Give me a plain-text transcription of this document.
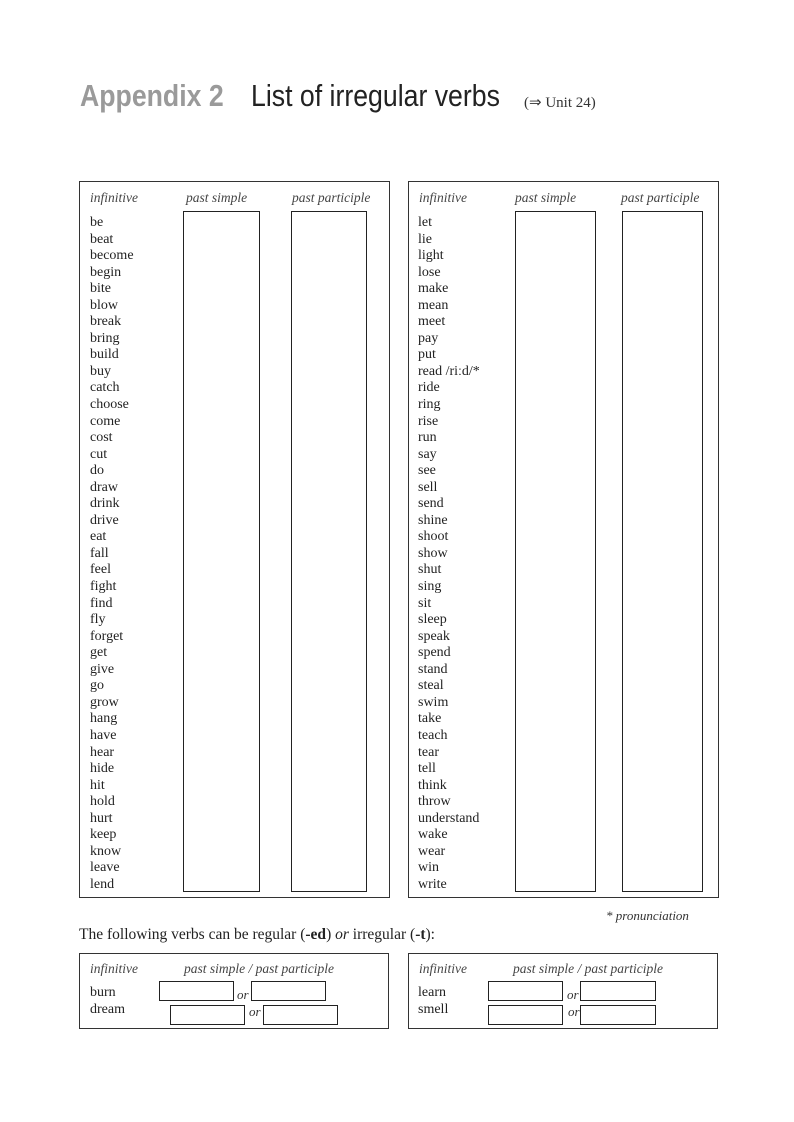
Appendix 2 List of irregular verbs (⇒ Unit 24)
infinitive	past simple	past participle
be
beat
become
begin
bite
blow
break
bring
build
buy
catch
choose
come
cost
cut
do
draw
drink
drive
eat
fall
feel
fight
find
fly
forget
get
give
go
grow
hang
have
hear
hide
hit
hold
hurt
keep
know
leave
lend
infinitive	past simple	past participle
let
lie
light
lose
make
mean
meet
pay
put
read /riːd/*
ride
ring
rise
run
say
see
sell
send
shine
shoot
show
shut
sing
sit
sleep
speak
spend
stand
steal
swim
take
teach
tear
tell
think
throw
understand
wake
wear
win
write
* pronunciation
The following verbs can be regular (-ed) or irregular (-t):
infinitive	past simple / past participle
burn	or
dream	or
infinitive	past simple / past participle
learn	or
smell	or
